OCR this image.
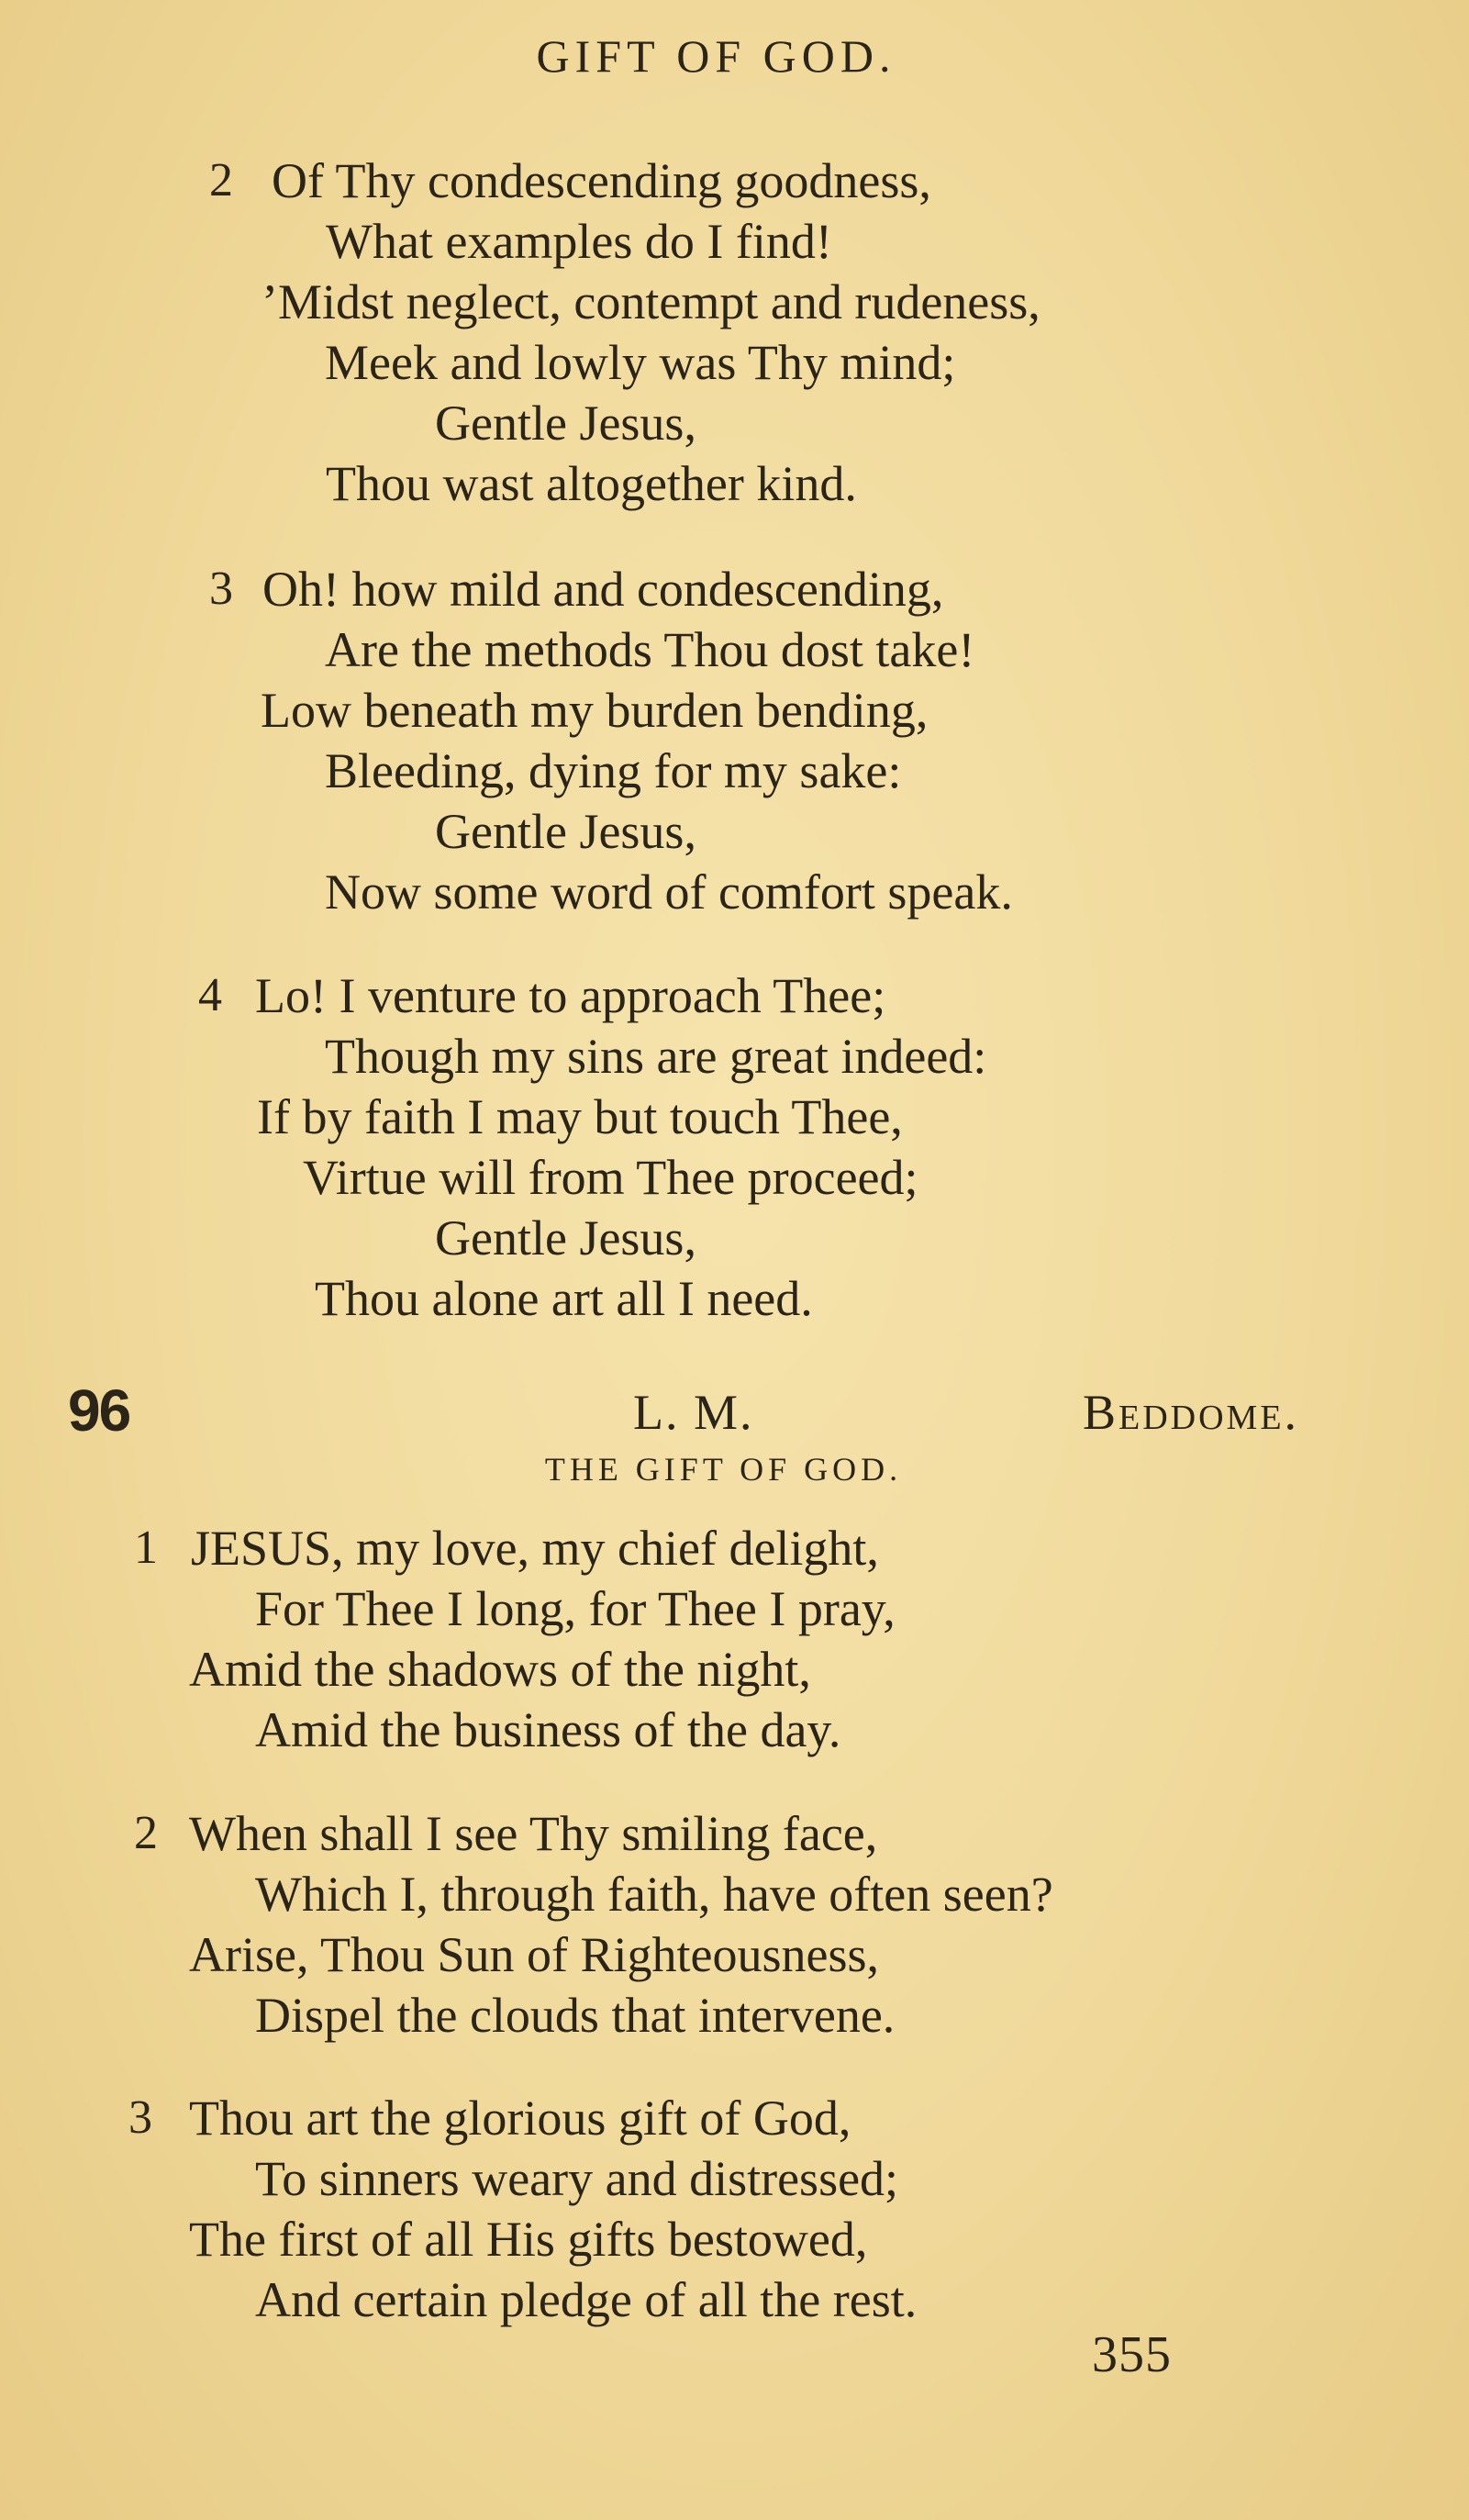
GIFT OF GOD.
2 Of Thy condescending goodness,
What examples do I find!
’Midst neglect, contempt and rudeness,
Meek and lowly was Thy mind;
Gentle Jesus,
Thou wast altogether kind.
3 Oh! how mild and condescending,
Are the methods Thou dost take!
Low beneath my burden bending,
Bleeding, dying for my sake:
Gentle Jesus,
Now some word of comfort speak.
4 Lo! I venture to approach Thee;
Though my sins are great indeed:
If by faith I may but touch Thee,
Virtue will from Thee proceed;
Gentle Jesus,
Thou alone art all I need.
96	L. M.	Beddome.
THE GIFT OF GOD.
1 JESUS, my love, my chief delight,
For Thee I long, for Thee I pray,
Amid the shadows of the night,
Amid the business of the day.
2 When shall I see Thy smiling face,
Which I, through faith, have often seen?
Arise, Thou Sun of Righteousness,
Dispel the clouds that intervene.
3 Thou art the glorious gift of God,
To sinners weary and distressed;
The first of all His gifts bestowed,
And certain pledge of all the rest.
355
